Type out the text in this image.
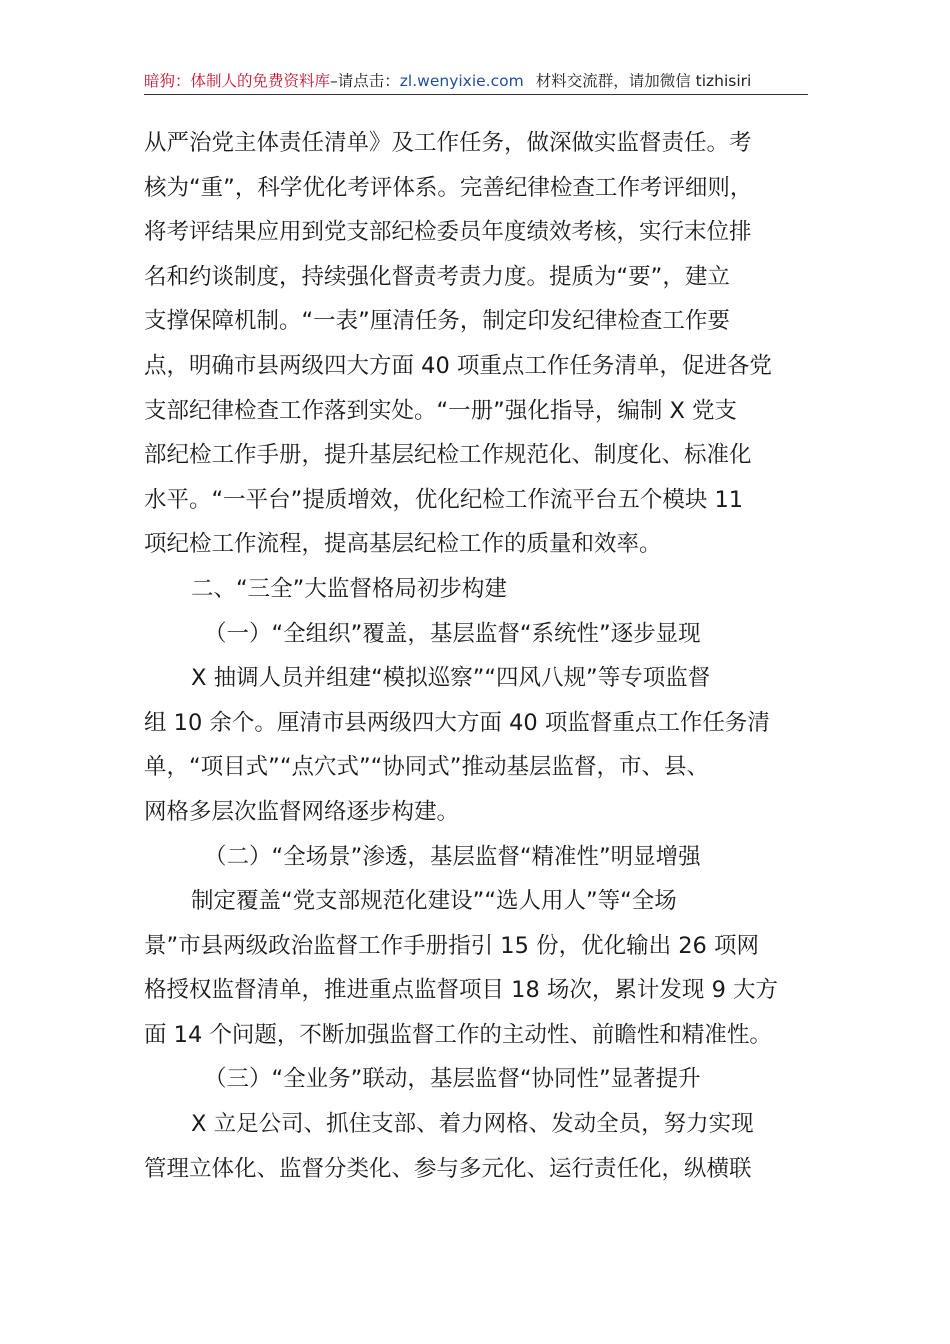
暗狗：体制人的免费资料库–请点击：zl.wenyixie.com 材料交流群，请加微信 tizhisiri
从严治党主体责任清单》及工作任务，做深做实监督责任。考
核为“重”，科学优化考评体系。完善纪律检查工作考评细则，
将考评结果应用到党支部纪检委员年度绩效考核，实行末位排
名和约谈制度，持续强化督责考责力度。提质为“要”，建立
支撑保障机制。“一表”厘清任务，制定印发纪律检查工作要
点，明确市县两级四大方面 40 项重点工作任务清单，促进各党
支部纪律检查工作落到实处。“一册”强化指导，编制 X 党支
部纪检工作手册，提升基层纪检工作规范化、制度化、标准化
水平。“一平台”提质增效，优化纪检工作流平台五个模块 11
项纪检工作流程，提高基层纪检工作的质量和效率。
二、“三全”大监督格局初步构建
（一）“全组织”覆盖，基层监督“系统性”逐步显现
X 抽调人员并组建“模拟巡察”“四风八规”等专项监督
组 10 余个。厘清市县两级四大方面 40 项监督重点工作任务清
单，“项目式”“点穴式”“协同式”推动基层监督，市、县、
网格多层次监督网络逐步构建。
（二）“全场景”渗透，基层监督“精准性”明显增强
制定覆盖“党支部规范化建设”“选人用人”等“全场
景”市县两级政治监督工作手册指引 15 份，优化输出 26 项网
格授权监督清单，推进重点监督项目 18 场次，累计发现 9 大方
面 14 个问题，不断加强监督工作的主动性、前瞻性和精准性。
（三）“全业务”联动，基层监督“协同性”显著提升
X 立足公司、抓住支部、着力网格、发动全员，努力实现
管理立体化、监督分类化、参与多元化、运行责任化，纵横联
